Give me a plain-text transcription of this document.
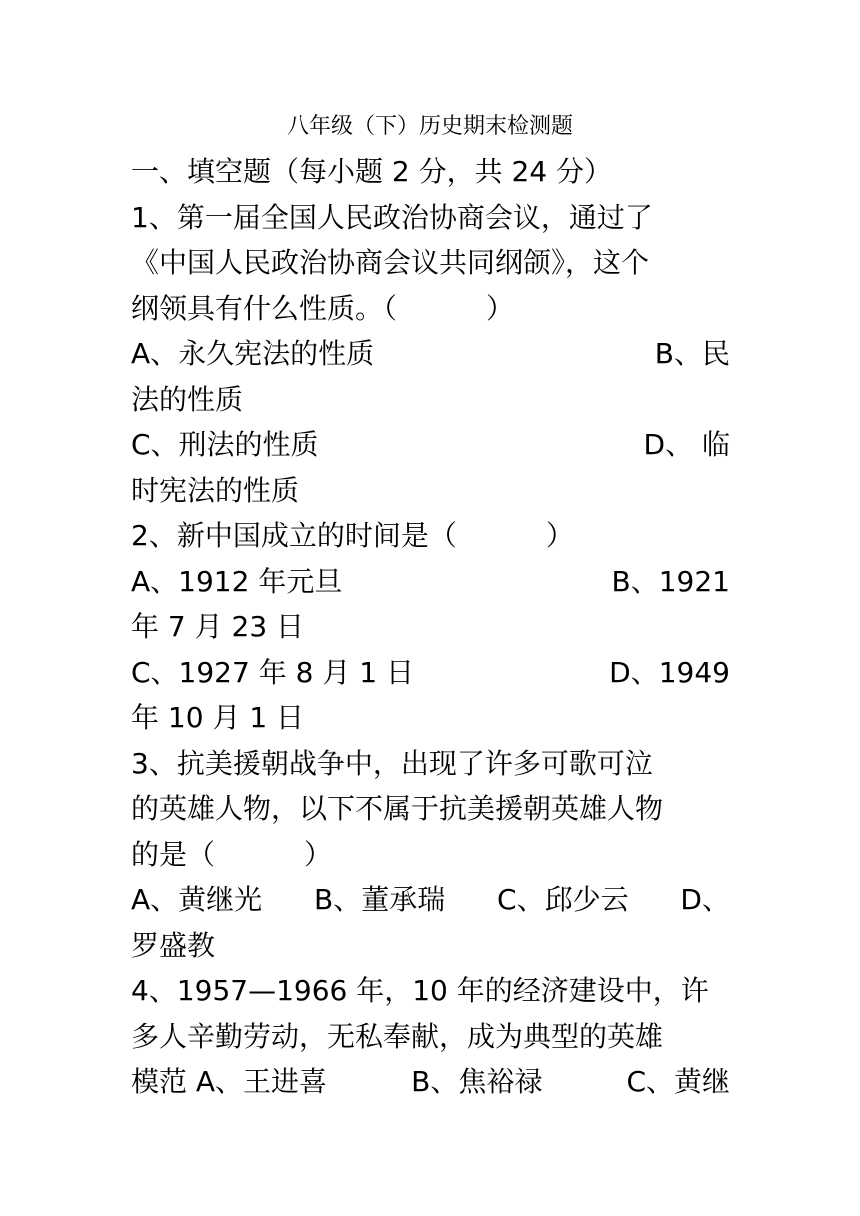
八年级（下）历史期末检测题
一、填空题（每小题 2 分，共 24 分）
1、第一届全国人民政治协商会议，通过了
《中国人民政治协商会议共同纲颌》，这个
纲领具有什么性质。（          ）
A、永久宪法的性质	B、民
法的性质
C、刑法的性质	D、 临
时宪法的性质
2、新中国成立的时间是（          ）
A、1912 年元旦	B、1921
年 7 月 23 日
C、1927 年 8 月 1 日	D、1949
年 10 月 1 日
3、抗美援朝战争中，出现了许多可歌可泣
的英雄人物，以下不属于抗美援朝英雄人物
的是（          ）
A、黄继光 B、董承瑞 C、邱少云 D、
罗盛教
4、1957—1966 年，10 年的经济建设中，许
多人辛勤劳动，无私奉献，成为典型的英雄
模范 A、王进喜	B、焦裕禄	C、黄继
